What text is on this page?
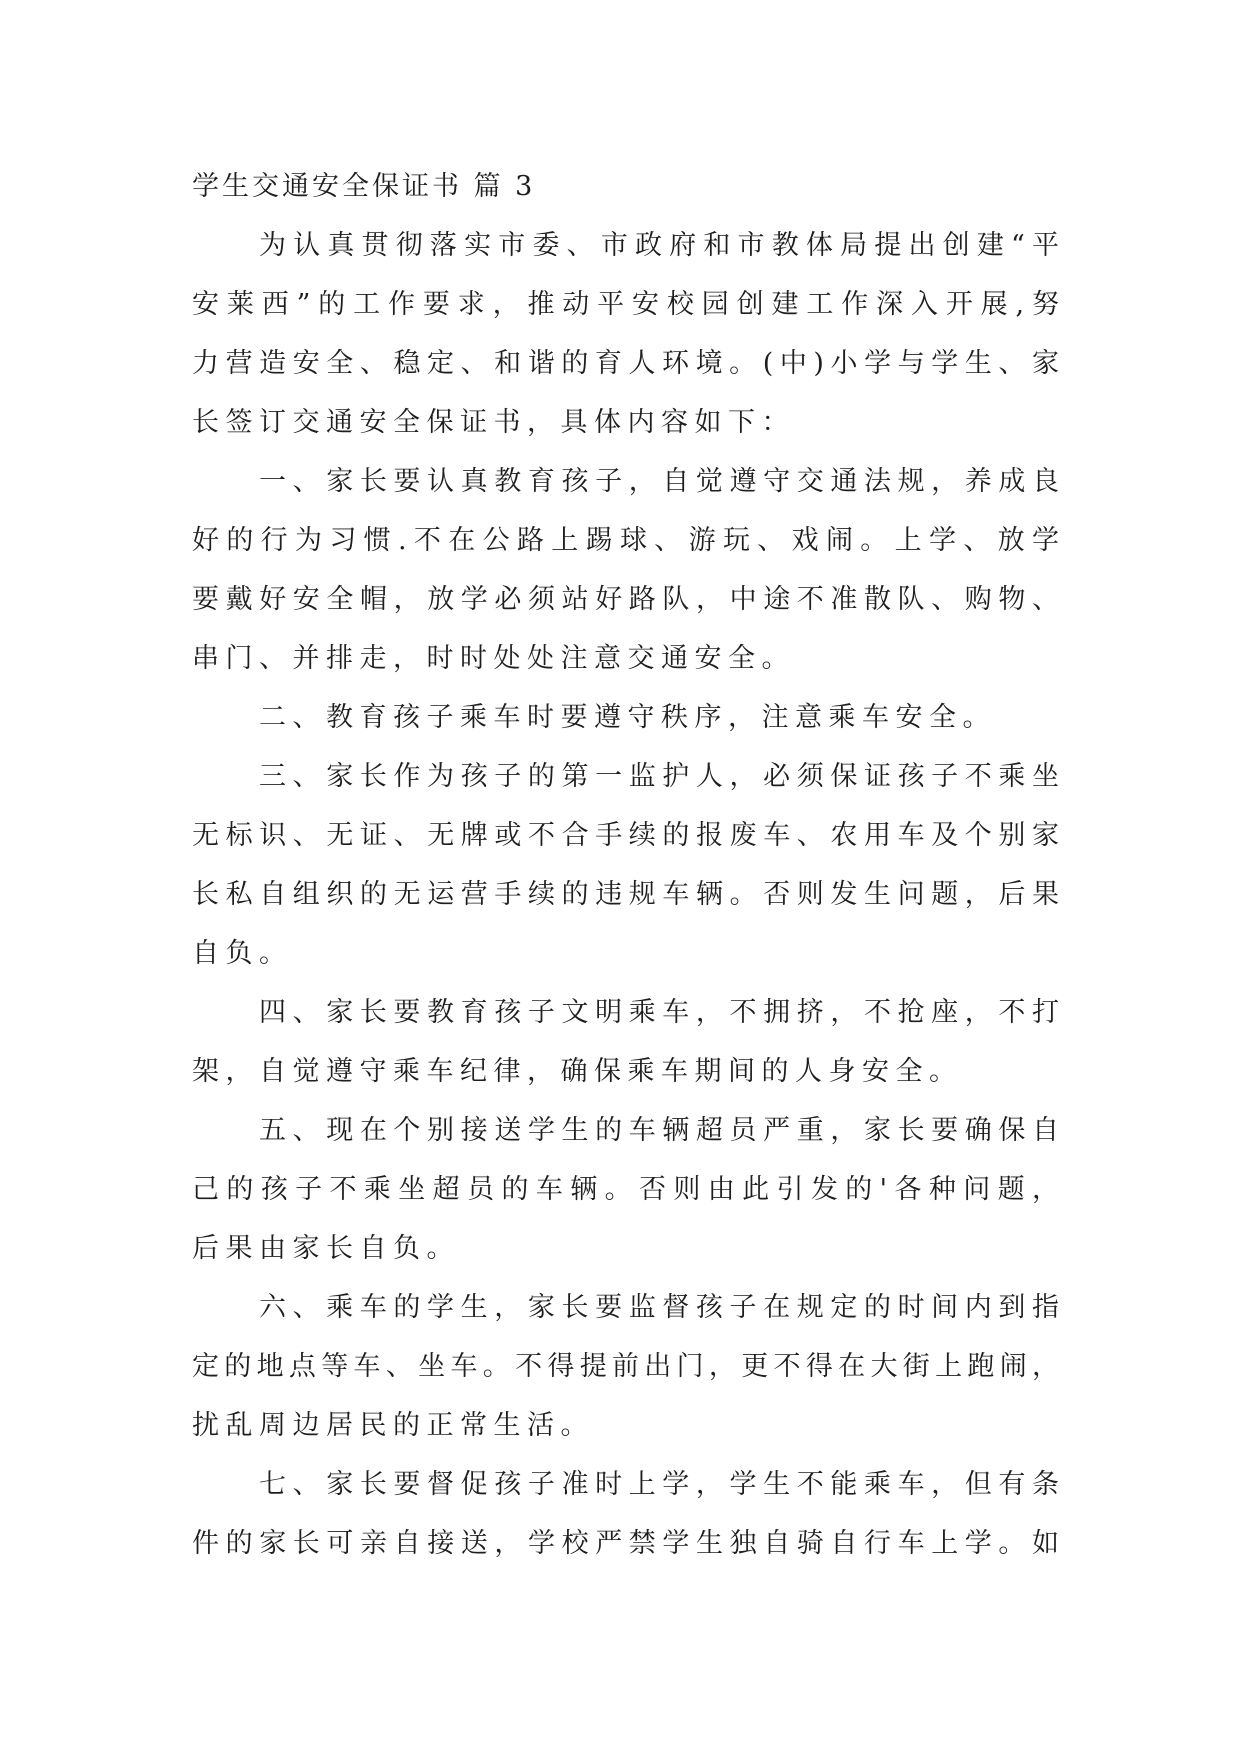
学生交通安全保证书 篇 3
为认真贯彻落实市委、市政府和市教体局提出创建“平
安莱西”的工作要求，推动平安校园创建工作深入开展,努
力营造安全、稳定、和谐的育人环境。(中)小学与学生、家
长签订交通安全保证书，具体内容如下：
一、家长要认真教育孩子，自觉遵守交通法规，养成良
好的行为习惯.不在公路上踢球、游玩、戏闹。上学、放学
要戴好安全帽，放学必须站好路队，中途不准散队、购物、
串门、并排走，时时处处注意交通安全。
二、教育孩子乘车时要遵守秩序，注意乘车安全。
三、家长作为孩子的第一监护人，必须保证孩子不乘坐
无标识、无证、无牌或不合手续的报废车、农用车及个别家
长私自组织的无运营手续的违规车辆。否则发生问题，后果
自负。
四、家长要教育孩子文明乘车，不拥挤，不抢座，不打
架，自觉遵守乘车纪律，确保乘车期间的人身安全。
五、现在个别接送学生的车辆超员严重，家长要确保自
己的孩子不乘坐超员的车辆。否则由此引发的'各种问题，
后果由家长自负。
六、乘车的学生，家长要监督孩子在规定的时间内到指
定的地点等车、坐车。不得提前出门，更不得在大街上跑闹，
扰乱周边居民的正常生活。
七、家长要督促孩子准时上学，学生不能乘车，但有条
件的家长可亲自接送，学校严禁学生独自骑自行车上学。如
